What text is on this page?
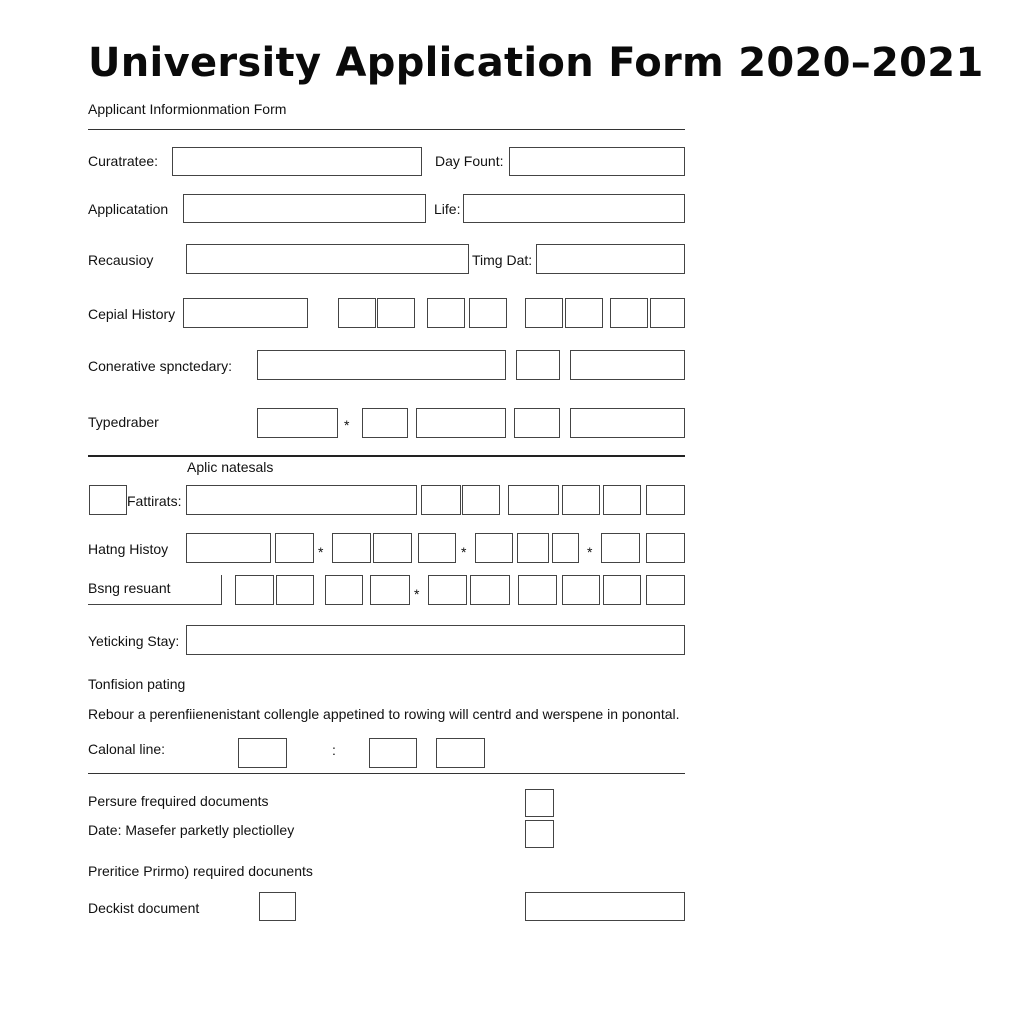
University Application Form 2020–2021
Applicant Informionmation Form
Curatratee:	Day Fount:
Applicatation	Life:
Recausioy	Timg Dat:
Cepial History
Conerative spnctedary:
Typedraber	*
Aplic natesals
Fattirats:
Hatng Histoy	*	*	*
Bsng resuant	*
Yeticking Stay:
Tonfision pating
Rebour a perenfiienenistant collengle appetined to rowing will centrd and werspene in ponontal.
Calonal line:	:
Persure frequired documents
Date: Masefer parketly plectiolley
Preritice Prirmo) required docunents
Deckist document
